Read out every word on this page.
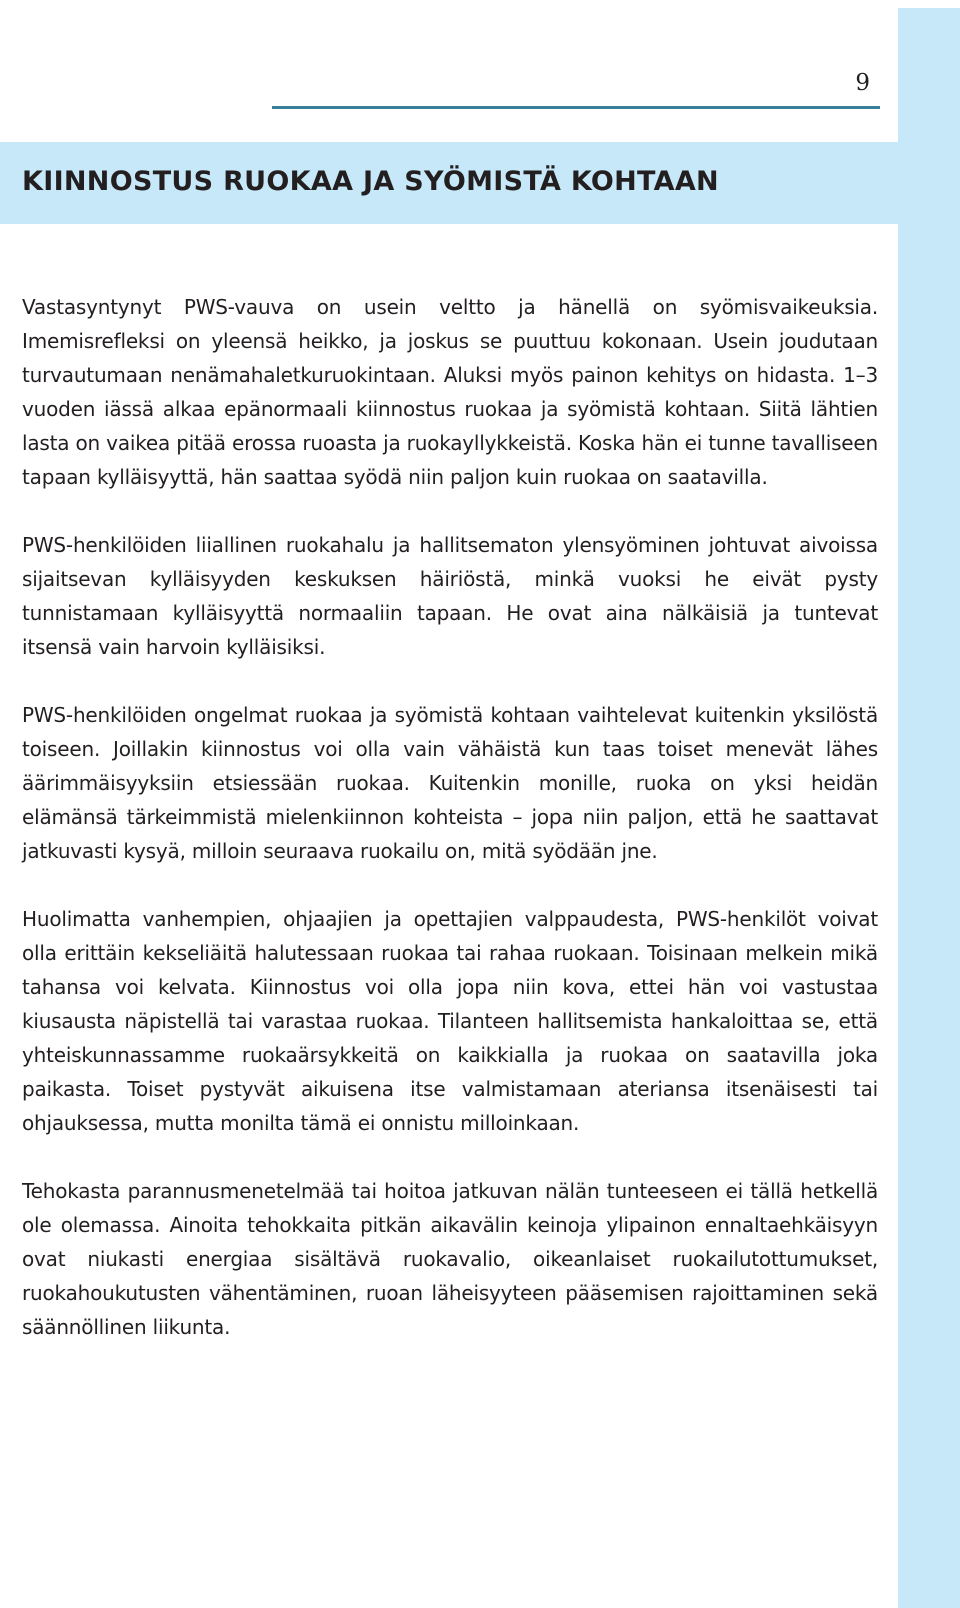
9
KIINNOSTUS RUOKAA JA SYÖMISTÄ KOHTAAN

Vastasyntynyt PWS-vauva on usein veltto ja hänellä on syömisvaikeuksia. Imemisrefleksi on yleensä heikko, ja joskus se puuttuu kokonaan. Usein joudutaan turvautumaan nenämahaletkuruokintaan. Aluksi myös painon kehitys on hidasta. 1–3 vuoden iässä alkaa epänormaali kiinnostus ruokaa ja syömistä kohtaan. Siitä lähtien lasta on vaikea pitää erossa ruoasta ja ruokayllykkeistä. Koska hän ei tunne tavalliseen tapaan kylläisyyttä, hän saattaa syödä niin paljon kuin ruokaa on saatavilla.

PWS-henkilöiden liiallinen ruokahalu ja hallitsematon ylensyöminen johtuvat aivoissa sijaitsevan kylläisyyden keskuksen häiriöstä, minkä vuoksi he eivät pysty tunnistamaan kylläisyyttä normaaliin tapaan. He ovat aina nälkäisiä ja tuntevat itsensä vain harvoin kylläisiksi.

PWS-henkilöiden ongelmat ruokaa ja syömistä kohtaan vaihtelevat kuitenkin yksilöstä toiseen. Joillakin kiinnostus voi olla vain vähäistä kun taas toiset menevät lähes äärimmäisyyksiin etsiessään ruokaa. Kuitenkin monille, ruoka on yksi heidän elämänsä tärkeimmistä mielenkiinnon kohteista – jopa niin paljon, että he saattavat jatkuvasti kysyä, milloin seuraava ruokailu on, mitä syödään jne.

Huolimatta vanhempien, ohjaajien ja opettajien valppaudesta, PWS-henkilöt voivat olla erittäin kekseliäitä halutessaan ruokaa tai rahaa ruokaan. Toisinaan melkein mikä tahansa voi kelvata. Kiinnostus voi olla jopa niin kova, ettei hän voi vastustaa kiusausta näpistellä tai varastaa ruokaa. Tilanteen hallitsemista hankaloittaa se, että yhteiskunnassamme ruokaärsykkeitä on kaikkialla ja ruokaa on saatavilla joka paikasta. Toiset pystyvät aikuisena itse valmistamaan ateriansa itsenäisesti tai ohjauksessa, mutta monilta tämä ei onnistu milloinkaan.

Tehokasta parannusmenetelmää tai hoitoa jatkuvan nälän tunteeseen ei tällä hetkellä ole olemassa. Ainoita tehokkaita pitkän aikavälin keinoja ylipainon ennaltaehkäisyyn ovat niukasti energiaa sisältävä ruokavalio, oikeanlaiset ruokailutottumukset, ruokahoukutusten vähentäminen, ruoan läheisyyteen pääsemisen rajoittaminen sekä säännöllinen liikunta.
